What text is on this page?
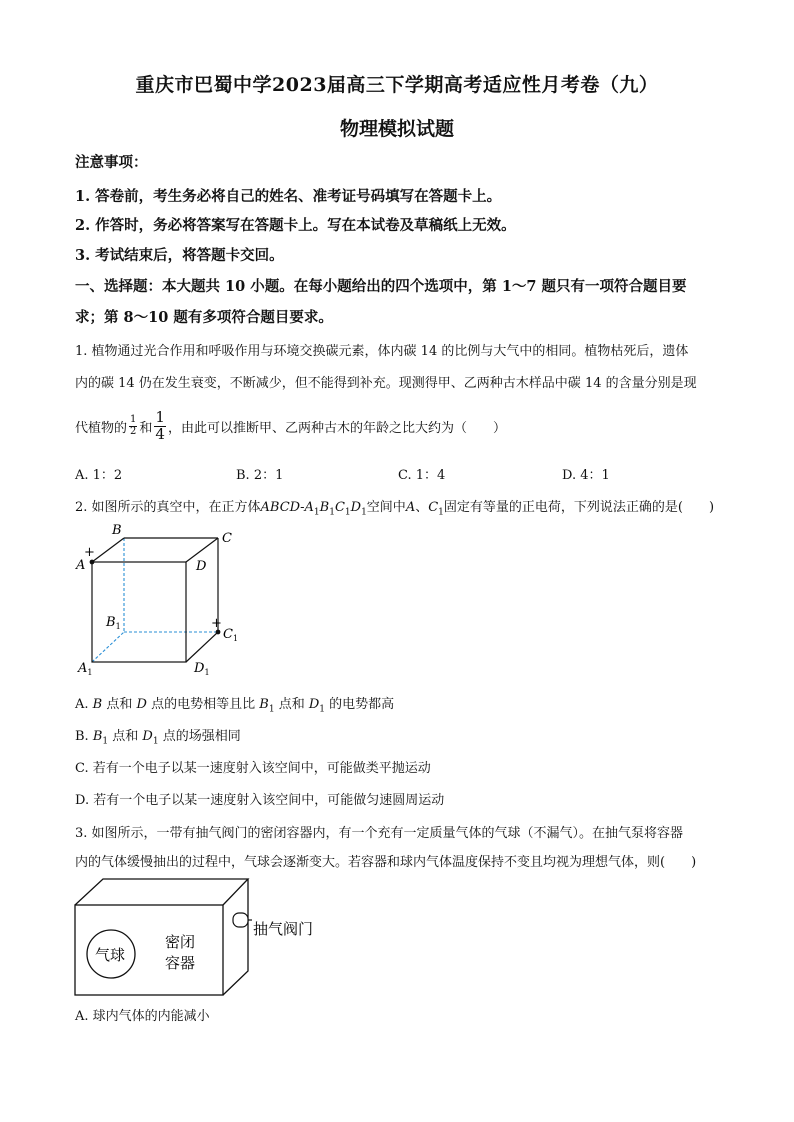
重庆市巴蜀中学2023届高三下学期高考适应性月考卷（九）
物理模拟试题
注意事项：
1. 答卷前，考生务必将自己的姓名、准考证号码填写在答题卡上。
2. 作答时，务必将答案写在答题卡上。写在本试卷及草稿纸上无效。
3. 考试结束后，将答题卡交回。
一、选择题：本大题共 10 小题。在每小题给出的四个选项中，第 1～7 题只有一项符合题目要
求；第 8～10 题有多项符合题目要求。
1. 植物通过光合作用和呼吸作用与环境交换碳元素，体内碳 14 的比例与大气中的相同。植物枯死后，遗体
内的碳 14 仍在发生衰变，不断减少，但不能得到补充。现测得甲、乙两种古木样品中碳 14 的含量分别是现
代植物的 $\frac{1}{2}$ 和 $\frac{1}{4}$ ，由此可以推断甲、乙两种古木的年龄之比大约为（　　）
A. 1：2	B. 2：1	C. 1：4	D. 4：1
2. 如图所示的真空中，在正方体ABCD-$A_1B_1C_1D_1$空间中A、$C_1$固定有等量的正电荷，下列说法正确的是(　　)
+
+
B
C
A	D
$B_1$
$C_1$
$A_1$	$D_1$
A. B 点和 D 点的电势相等且比 $B_1$ 点和 $D_1$ 的电势都高
B. $B_1$ 点和 $D_1$ 点的场强相同
C. 若有一个电子以某一速度射入该空间中，可能做类平抛运动
D. 若有一个电子以某一速度射入该空间中，可能做匀速圆周运动
3. 如图所示，一带有抽气阀门的密闭容器内，有一个充有一定质量气体的气球（不漏气）。在抽气泵将容器
内的气体缓慢抽出的过程中，气球会逐渐变大。若容器和球内气体温度保持不变且均视为理想气体，则(　　)
气球
密闭
容器
抽气阀门
A. 球内气体的内能减小
